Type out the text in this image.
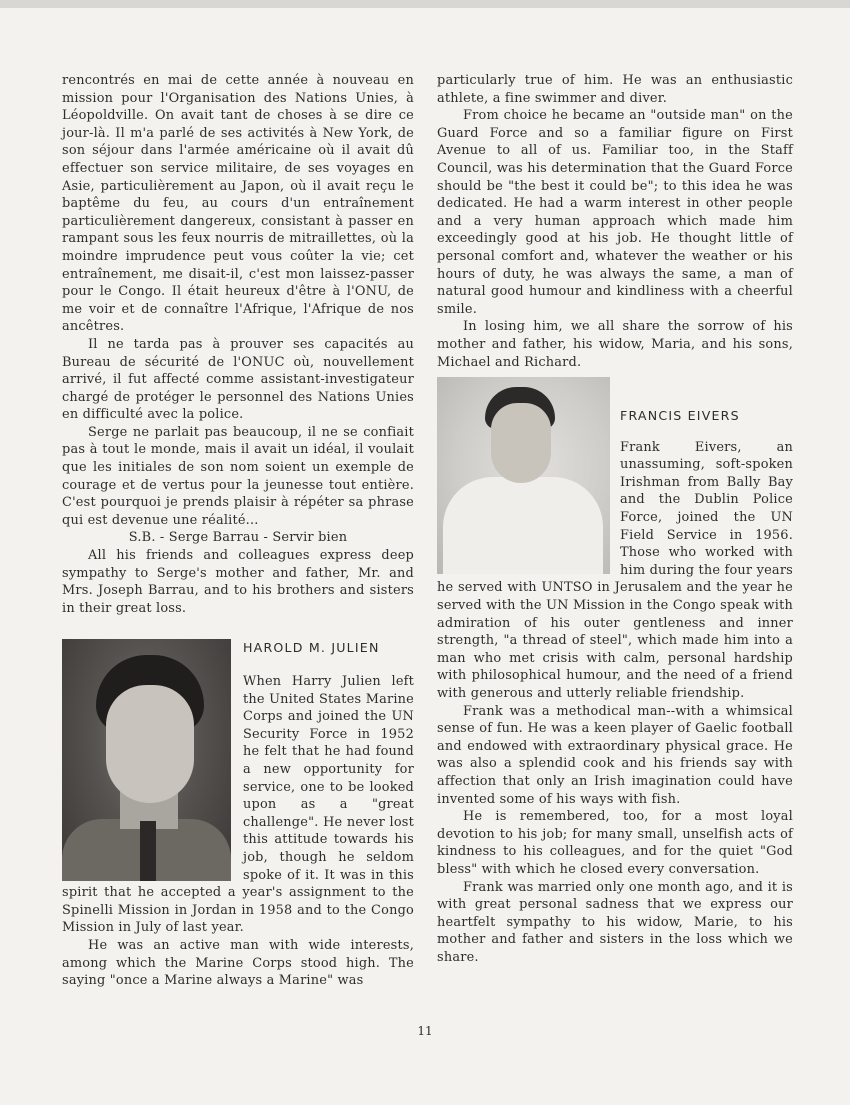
rencontrés en mai de cette année à nouveau en mission pour l'Organisation des Nations Unies, à Léopoldville. On avait tant de choses à se dire ce jour-là. Il m'a parlé de ses activités à New York, de son séjour dans l'armée américaine où il avait dû effectuer son service militaire, de ses voyages en Asie, particulièrement au Japon, où il avait reçu le baptême du feu, au cours d'un entraînement particulièrement dangereux, consistant à passer en rampant sous les feux nourris de mitraillettes, où la moindre imprudence peut vous coûter la vie; cet entraînement, me disait-il, c'est mon laissez-passer pour le Congo. Il était heureux d'être à l'ONU, de me voir et de connaître l'Afrique, l'Afrique de nos ancêtres.

Il ne tarda pas à prouver ses capacités au Bureau de sécurité de l'ONUC où, nouvellement arrivé, il fut affecté comme assistant-investigateur chargé de protéger le personnel des Nations Unies en difficulté avec la police.

Serge ne parlait pas beaucoup, il ne se confiait pas à tout le monde, mais il avait un idéal, il voulait que les initiales de son nom soient un exemple de courage et de vertus pour la jeunesse tout entière. C'est pourquoi je prends plaisir à répéter sa phrase qui est devenue une réalité...

S.B. - Serge Barrau - Servir bien

All his friends and colleagues express deep sympathy to Serge's mother and father, Mr. and Mrs. Joseph Barrau, and to his brothers and sisters in their great loss.

HAROLD M. JULIEN

When Harry Julien left the United States Marine Corps and joined the UN Security Force in 1952 he felt that he had found a new opportunity for service, one to be looked upon as a "great challenge". He never lost this attitude towards his job, though he seldom spoke of it. It was in this spirit that he accepted a year's assignment to the Spinelli Mission in Jordan in 1958 and to the Congo Mission in July of last year.

He was an active man with wide interests, among which the Marine Corps stood high. The saying "once a Marine always a Marine" was

particularly true of him. He was an enthusiastic athlete, a fine swimmer and diver.

From choice he became an "outside man" on the Guard Force and so a familiar figure on First Avenue to all of us. Familiar too, in the Staff Council, was his determination that the Guard Force should be "the best it could be"; to this idea he was dedicated. He had a warm interest in other people and a very human approach which made him exceedingly good at his job. He thought little of personal comfort and, whatever the weather or his hours of duty, he was always the same, a man of natural good humour and kindliness with a cheerful smile.

In losing him, we all share the sorrow of his mother and father, his widow, Maria, and his sons, Michael and Richard.

FRANCIS EIVERS

Frank Eivers, an unassuming, soft-spoken Irishman from Bally Bay and the Dublin Police Force, joined the UN Field Service in 1956. Those who worked with him during the four years he served with UNTSO in Jerusalem and the year he served with the UN Mission in the Congo speak with admiration of his outer gentleness and inner strength, "a thread of steel", which made him into a man who met crisis with calm, personal hardship with philosophical humour, and the need of a friend with generous and utterly reliable friendship.

Frank was a methodical man--with a whimsical sense of fun. He was a keen player of Gaelic football and endowed with extraordinary physical grace. He was also a splendid cook and his friends say with affection that only an Irish imagination could have invented some of his ways with fish.

He is remembered, too, for a most loyal devotion to his job; for many small, unselfish acts of kindness to his colleagues, and for the quiet "God bless" with which he closed every conversation.

Frank was married only one month ago, and it is with great personal sadness that we express our heartfelt sympathy to his widow, Marie, to his mother and father and sisters in the loss which we share.

11
